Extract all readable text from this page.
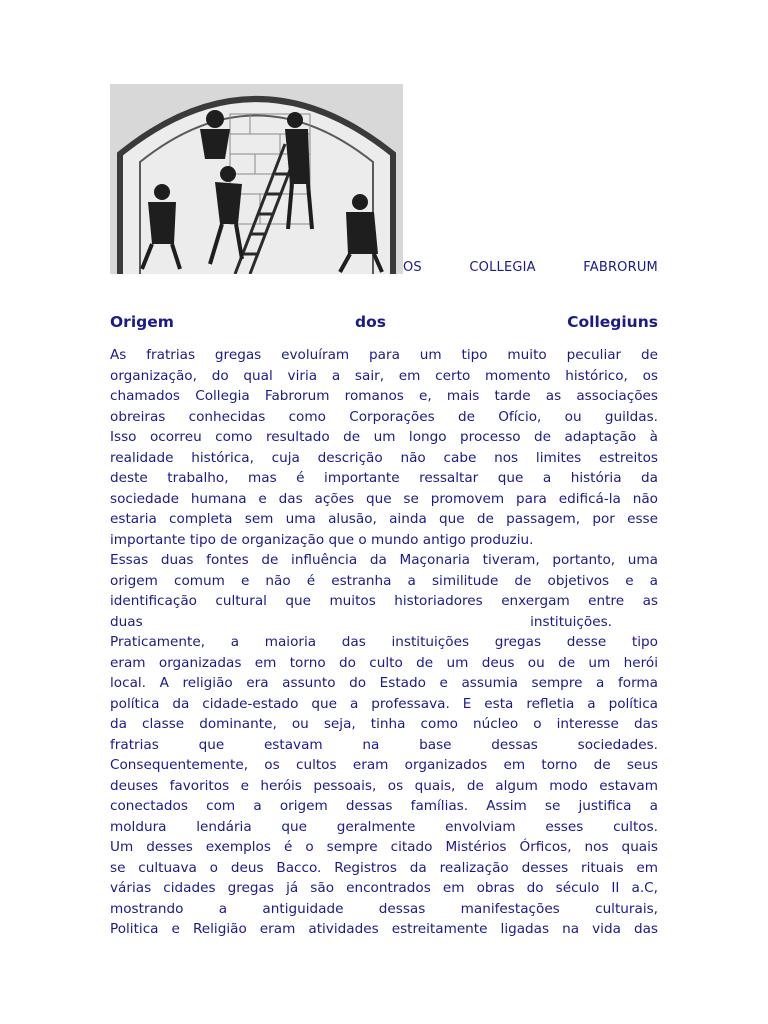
OS	COLLEGIA	FABRORUM
Origem	dos	Collegiuns
As fratrias gregas evoluíram para um tipo muito peculiar de
organização, do qual viria a sair, em certo momento histórico, os
chamados Collegia Fabrorum romanos e, mais tarde as associações
obreiras conhecidas como Corporações de Ofício, ou guildas.
Isso ocorreu como resultado de um longo processo de adaptação à
realidade histórica, cuja descrição não cabe nos limites estreitos
deste trabalho, mas é importante ressaltar que a história da
sociedade humana e das ações que se promovem para edificá-la não
estaria completa sem uma alusão, ainda que de passagem, por esse
importante tipo de organização que o mundo antigo produziu.
Essas duas fontes de influência da Maçonaria tiveram, portanto, uma
origem comum e não é estranha a similitude de objetivos e a
identificação cultural que muitos historiadores enxergam entre as
duas	instituições.
Praticamente, a maioria das instituições gregas desse tipo
eram organizadas em torno do culto de um deus ou de um herói
local. A religião era assunto do Estado e assumia sempre a forma
política da cidade-estado que a professava. E esta refletia a política
da classe dominante, ou seja, tinha como núcleo o interesse das
fratrias que estavam na base dessas sociedades.
Consequentemente, os cultos eram organizados em torno de seus
deuses favoritos e heróis pessoais, os quais, de algum modo estavam
conectados com a origem dessas famílias. Assim se justifica a
moldura lendária que geralmente envolviam esses cultos.
Um desses exemplos é o sempre citado Mistérios Órficos, nos quais
se cultuava o deus Bacco. Registros da realização desses rituais em
várias cidades gregas já são encontrados em obras do século II a.C,
mostrando a antiguidade dessas manifestações culturais,
Politica e Religião eram atividades estreitamente ligadas na vida das
